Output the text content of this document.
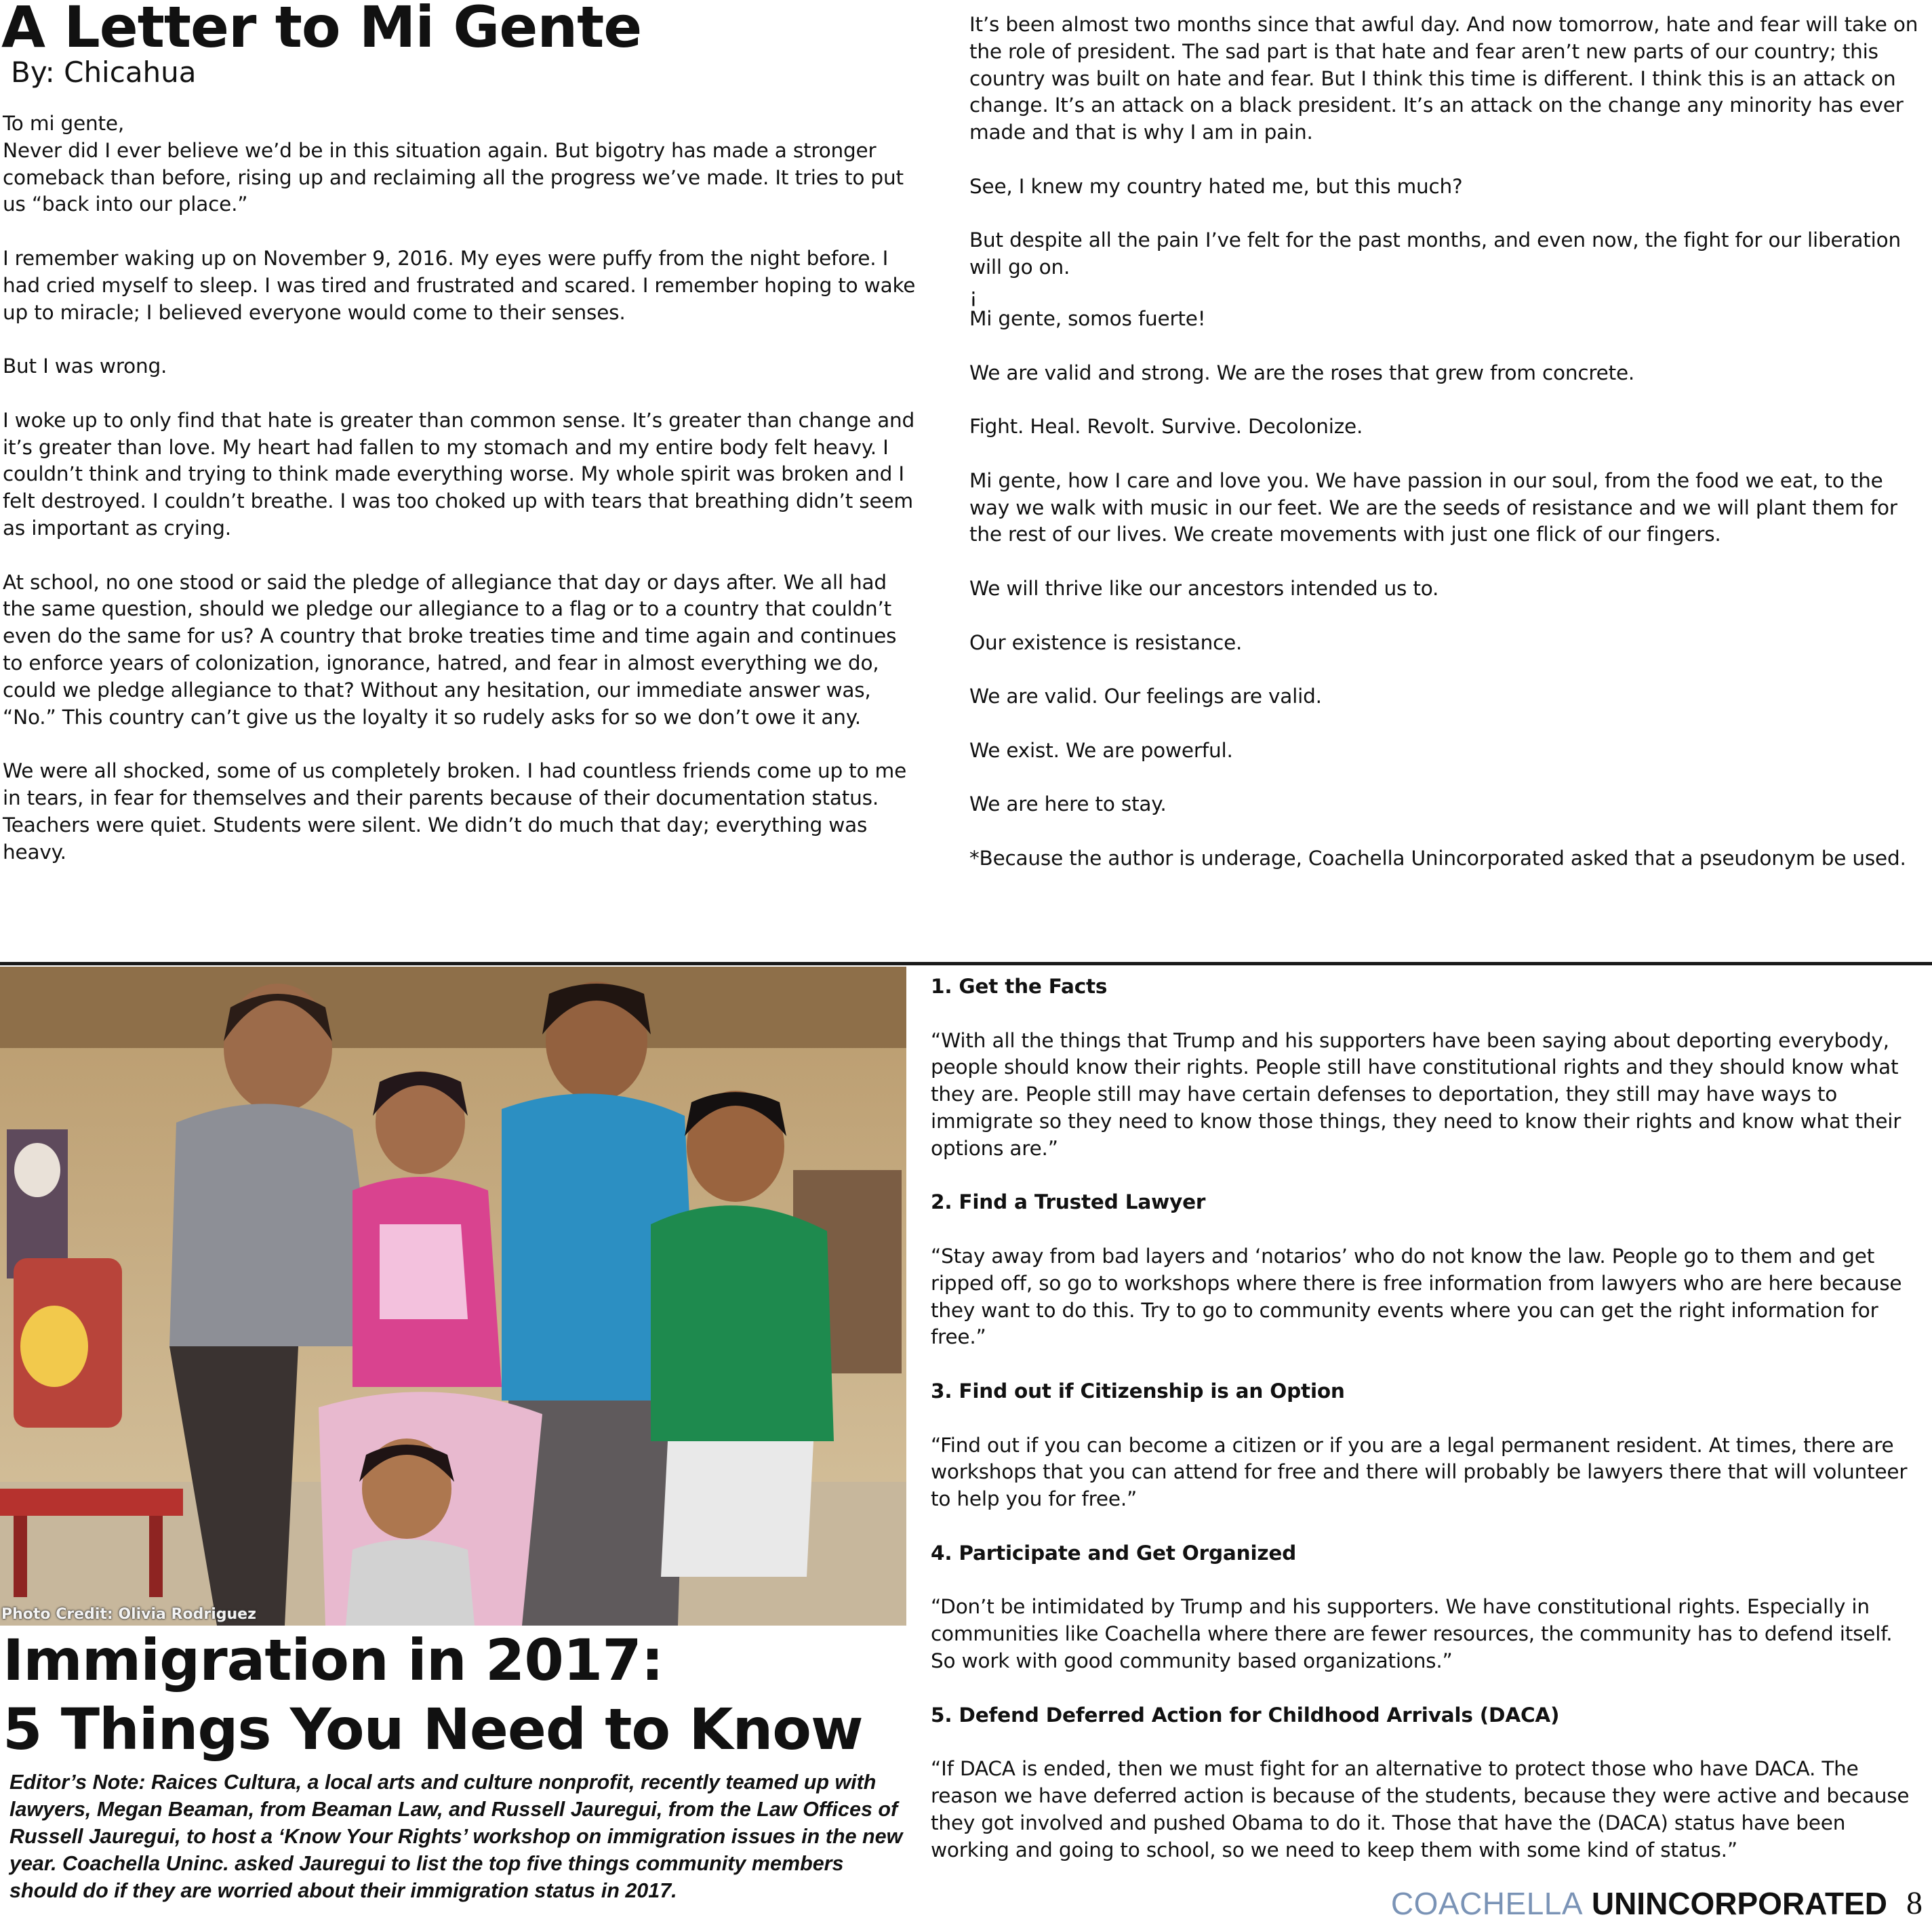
A Letter to Mi Gente
By: Chicahua

To mi gente,

Never did I ever believe we’d be in this situation again. But bigotry has made a stronger comeback than before, rising up and reclaiming all the progress we’ve made. It tries to put us “back into our place.”

I remember waking up on November 9, 2016. My eyes were puffy from the night before. I had cried myself to sleep. I was tired and frustrated and scared. I remember hoping to wake up to miracle; I believed everyone would come to their senses.

But I was wrong.

I woke up to only find that hate is greater than common sense. It’s greater than change and it’s greater than love. My heart had fallen to my stomach and my entire body felt heavy. I couldn’t think and trying to think made everything worse. My whole spirit was broken and I felt destroyed. I couldn’t breathe. I was too choked up with tears that breathing didn’t seem as important as crying.

At school, no one stood or said the pledge of allegiance that day or days after. We all had the same question, should we pledge our allegiance to a flag or to a country that couldn’t even do the same for us? A country that broke treaties time and time again and continues to enforce years of colonization, ignorance, hatred, and fear in almost everything we do, could we pledge allegiance to that? Without any hesitation, our immediate answer was, “No.” This country can’t give us the loyalty it so rudely asks for so we don’t owe it any.

We were all shocked, some of us completely broken. I had countless friends come up to me in tears, in fear for themselves and their parents because of their documentation status. Teachers were quiet. Students were silent. We didn’t do much that day; everything was heavy.

It’s been almost two months since that awful day. And now tomorrow, hate and fear will take on the role of president. The sad part is that hate and fear aren’t new parts of our country; this country was built on hate and fear. But I think this time is different. I think this is an attack on change. It’s an attack on a black president. It’s an attack on the change any minority has ever made and that is why I am in pain.

See, I knew my country hated me, but this much?

But despite all the pain I’ve felt for the past months, and even now, the fight for our liberation will go on.

¡

Mi gente, somos fuerte!

We are valid and strong. We are the roses that grew from concrete.

Fight. Heal. Revolt. Survive. Decolonize.

Mi gente, how I care and love you. We have passion in our soul, from the food we eat, to the way we walk with music in our feet. We are the seeds of resistance and we will plant them for the rest of our lives. We create movements with just one flick of our fingers.

We will thrive like our ancestors intended us to.

Our existence is resistance.

We are valid. Our feelings are valid.

We exist. We are powerful.

We are here to stay.

*Because the author is underage, Coachella Unincorporated asked that a pseudonym be used.

Photo Credit: Olivia Rodriguez
Immigration in 2017:
5 Things You Need to Know
Editor’s Note: Raices Cultura, a local arts and culture nonprofit, recently teamed up with lawyers, Megan Beaman, from Beaman Law, and Russell Jauregui, from the Law Offices of Russell Jauregui, to host a ‘Know Your Rights’ workshop on immigration issues in the new year. Coachella Uninc. asked Jauregui to list the top five things community members should do if they are worried about their immigration status in 2017.

1. Get the Facts

“With all the things that Trump and his supporters have been saying about deporting everybody, people should know their rights. People still have constitutional rights and they should know what they are. People still may have certain defenses to deportation, they still may have ways to immigrate so they need to know those things, they need to know their rights and know what their options are.”

2. Find a Trusted Lawyer

“Stay away from bad layers and ‘notarios’ who do not know the law. People go to them and get ripped off, so go to workshops where there is free information from lawyers who are here because they want to do this. Try to go to community events where you can get the right information for free.”

3. Find out if Citizenship is an Option

“Find out if you can become a citizen or if you are a legal permanent resident. At times, there are workshops that you can attend for free and there will probably be lawyers there that will volunteer to help you for free.”

4. Participate and Get Organized

“Don’t be intimidated by Trump and his supporters. We have constitutional rights. Especially in communities like Coachella where there are fewer resources, the community has to defend itself. So work with good community based organizations.”

5. Defend Deferred Action for Childhood Arrivals (DACA)

“If DACA is ended, then we must fight for an alternative to protect those who have DACA. The reason we have deferred action is because of the students, because they were active and because they got involved and pushed Obama to do it. Those that have the (DACA) status have been working and going to school, so we need to keep them with some kind of status.”

COACHELLA UNINCORPORATED 8
